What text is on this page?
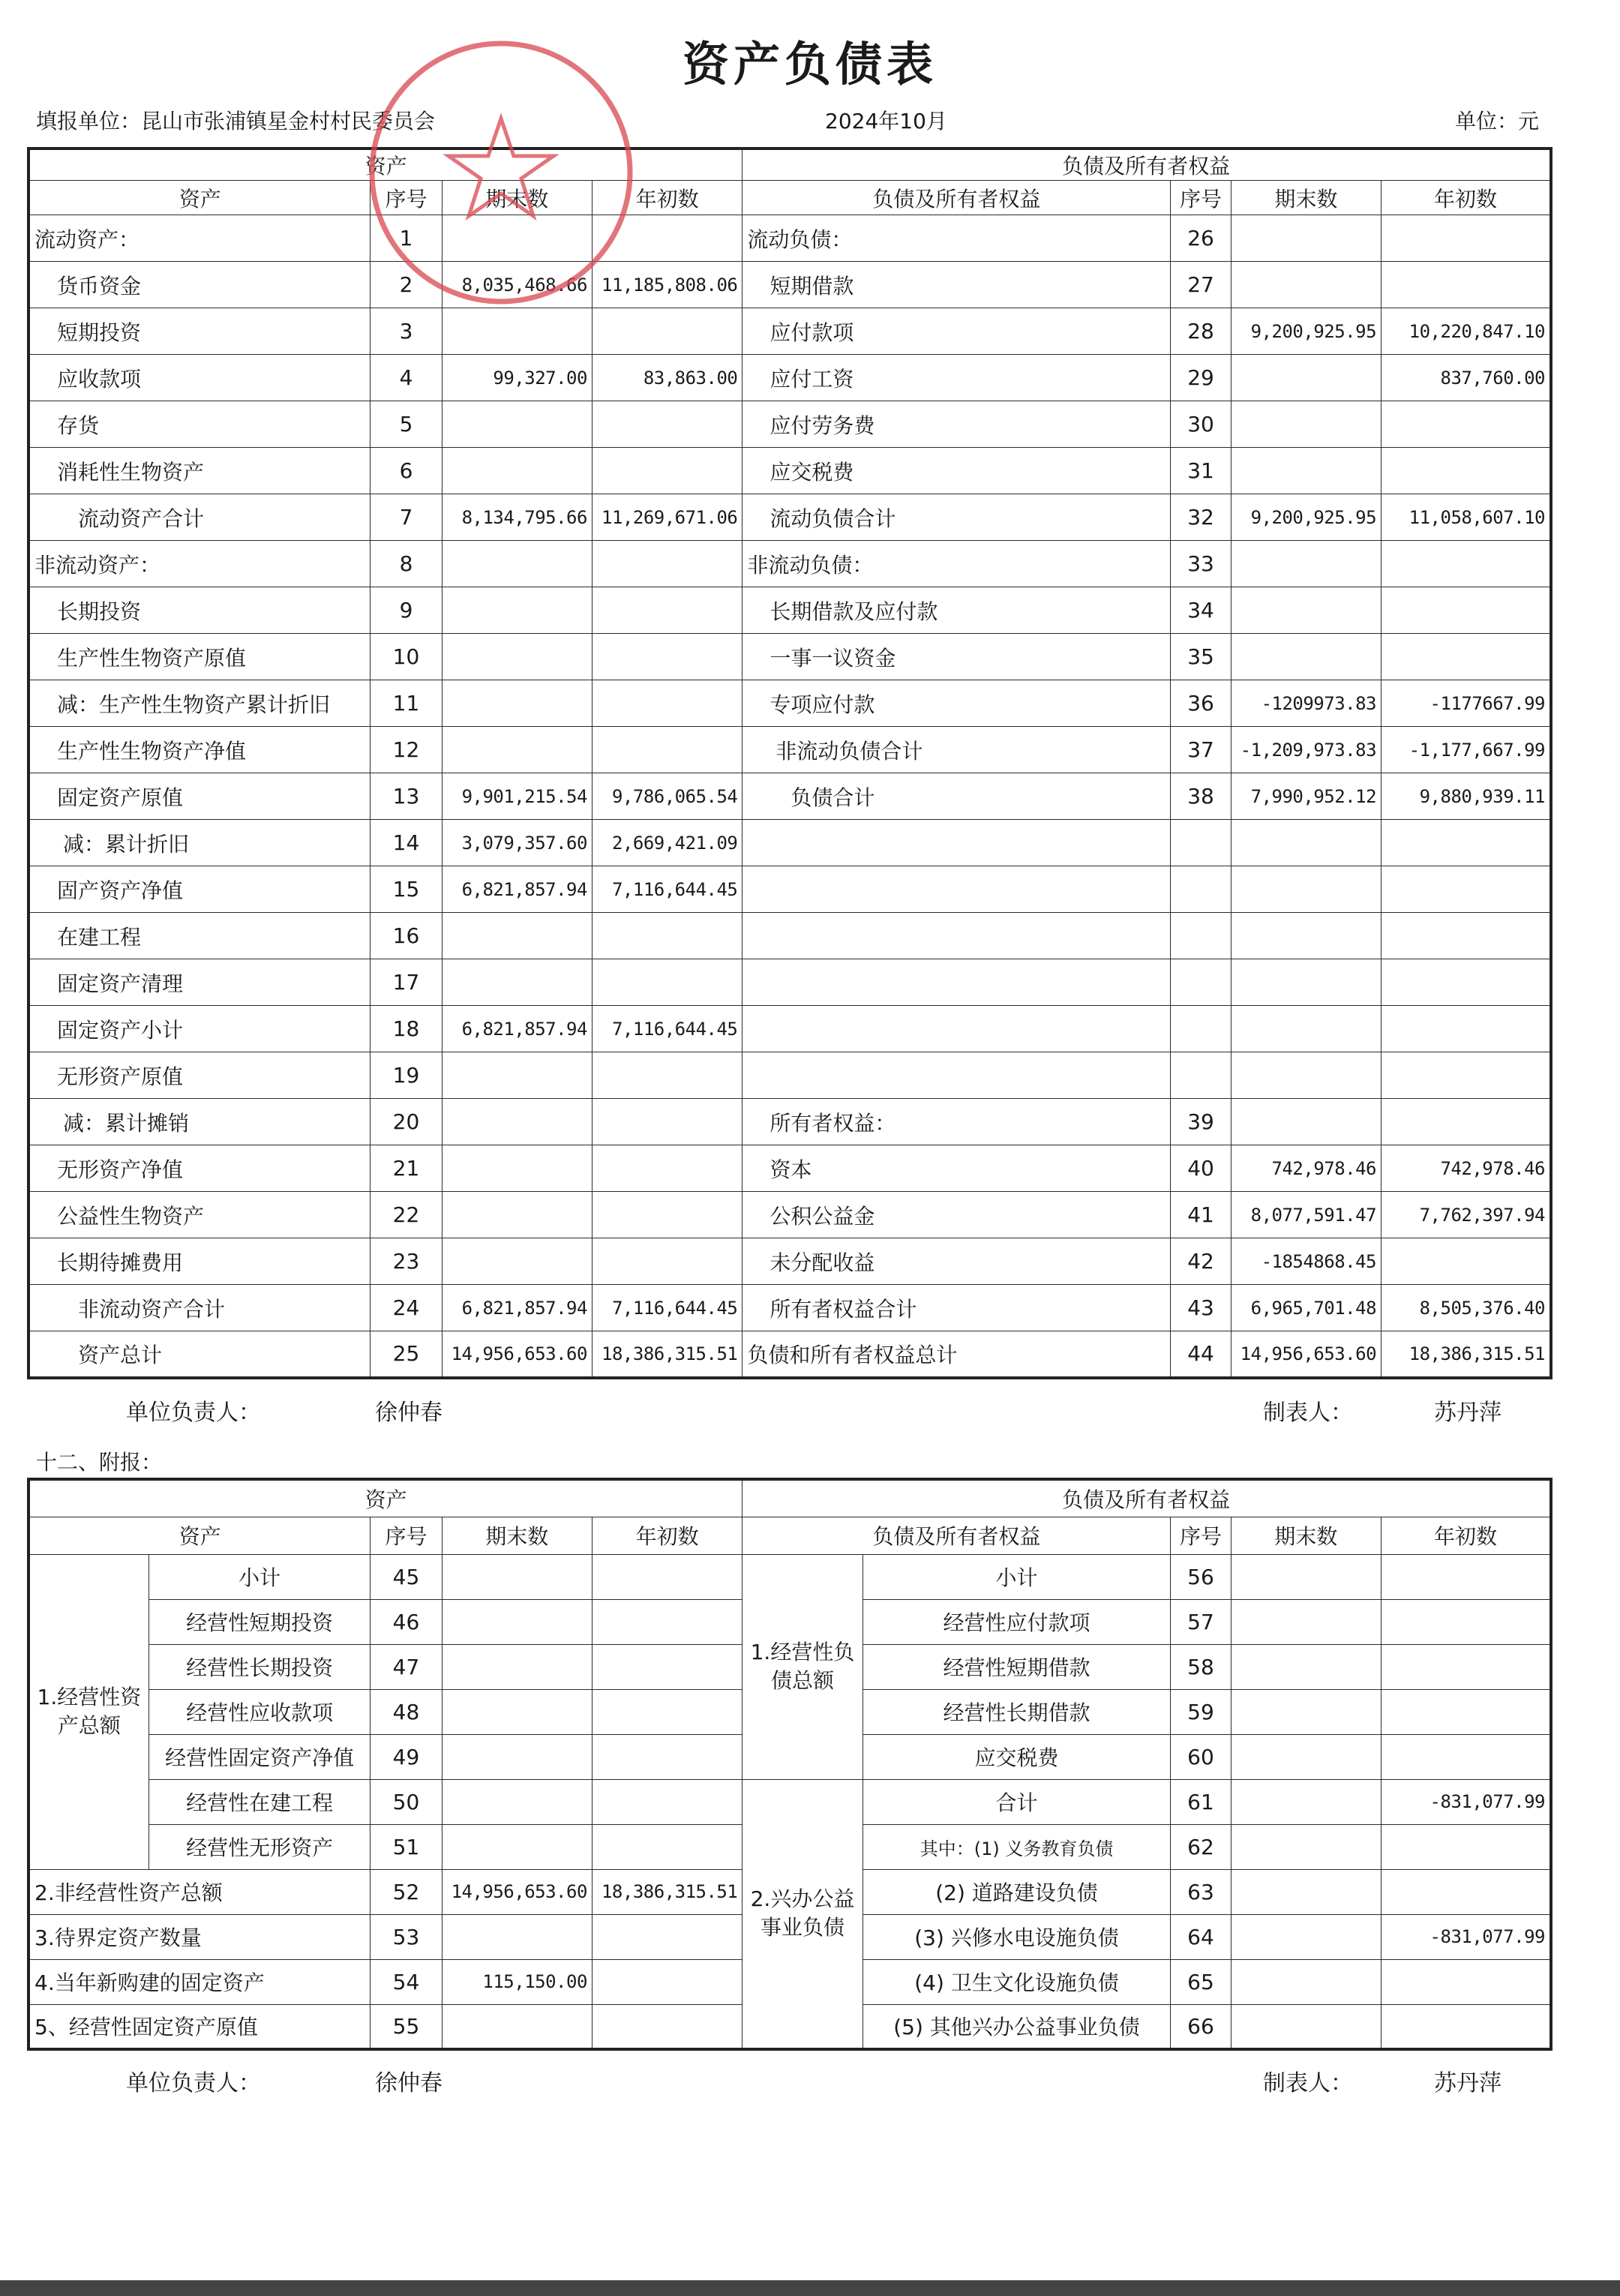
资产负债表
填报单位：昆山市张浦镇星金村村民委员会	2024年10月	单位：元
资产				负债及所有者权益			
资产	序号	期末数	年初数	负债及所有者权益	序号	期末数	年初数
流动资产：	1			流动负债：	26		
货币资金	2	8,035,468.66	11,185,808.06	短期借款	27		
短期投资	3			应付款项	28	9,200,925.95	10,220,847.10
应收款项	4	99,327.00	83,863.00	应付工资	29		837,760.00
存货	5			应付劳务费	30		
消耗性生物资产	6			应交税费	31		
流动资产合计	7	8,134,795.66	11,269,671.06	流动负债合计	32	9,200,925.95	11,058,607.10
非流动资产：	8			非流动负债：	33		
长期投资	9			长期借款及应付款	34		
生产性生物资产原值	10			一事一议资金	35		
减：生产性生物资产累计折旧	11			专项应付款	36	-1209973.83	-1177667.99
生产性生物资产净值	12			非流动负债合计	37	-1,209,973.83	-1,177,667.99
固定资产原值	13	9,901,215.54	9,786,065.54	负债合计	38	7,990,952.12	9,880,939.11
减：累计折旧	14	3,079,357.60	2,669,421.09				
固产资产净值	15	6,821,857.94	7,116,644.45				
在建工程	16						
固定资产清理	17						
固定资产小计	18	6,821,857.94	7,116,644.45				
无形资产原值	19						
减：累计摊销	20			所有者权益：	39		
无形资产净值	21			资本	40	742,978.46	742,978.46
公益性生物资产	22			公积公益金	41	8,077,591.47	7,762,397.94
长期待摊费用	23			未分配收益	42	-1854868.45	
非流动资产合计	24	6,821,857.94	7,116,644.45	所有者权益合计	43	6,965,701.48	8,505,376.40
资产总计	25	14,956,653.60	18,386,315.51	负债和所有者权益总计	44	14,956,653.60	18,386,315.51
单位负责人：	徐仲春	制表人：	苏丹萍
十二、附报：
资产					负债及所有者权益				
资产		序号	期末数	年初数	负债及所有者权益		序号	期末数	年初数
1.经营性资产总额	小计	45			1.经营性负债总额	小计	56		
	经营性短期投资	46				经营性应付款项	57		
	经营性长期投资	47				经营性短期借款	58		
	经营性应收款项	48				经营性长期借款	59		
	经营性固定资产净值	49				应交税费	60		
	经营性在建工程	50			2.兴办公益事业负债	合计	61		-831,077.99
	经营性无形资产	51				其中：(1) 义务教育负债	62		
2.非经营性资产总额		52	14,956,653.60	18,386,315.51		(2) 道路建设负债	63		
3.待界定资产数量		53				(3) 兴修水电设施负债	64		-831,077.99
4.当年新购建的固定资产		54	115,150.00			(4) 卫生文化设施负债	65		
5、经营性固定资产原值		55				(5) 其他兴办公益事业负债	66		
单位负责人：	徐仲春	制表人：	苏丹萍
